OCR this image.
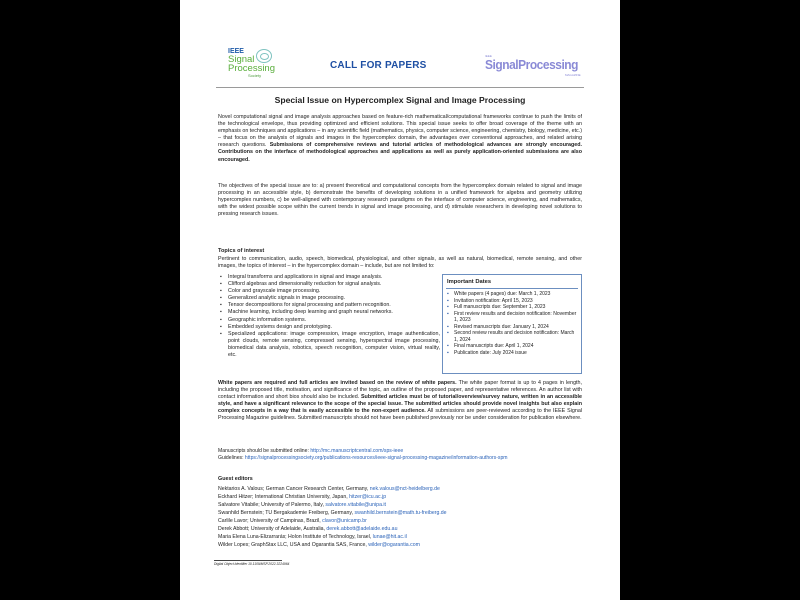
IEEE
Signal
Processing
Society
CALL FOR PAPERS
IEEE
SignalProcessing
MAGAZINE
Special Issue on Hypercomplex Signal and Image Processing
Novel computational signal and image analysis approaches based on feature-rich mathematical/computational frameworks continue to push the limits of the technological envelope, thus providing optimized and efficient solutions. This special issue seeks to offer broad coverage of the theme with an emphasis on techniques and applications – in any scientific field (mathematics, physics, computer science, engineering, chemistry, biology, medicine, etc.) – that focus on the analysis of signals and images in the hypercomplex domain, the advantages over conventional approaches, and related arising research questions. Submissions of comprehensive reviews and tutorial articles of methodological advances are strongly encouraged. Contributions on the interface of methodological approaches and applications as well as purely application-oriented submissions are also encouraged.
The objectives of the special issue are to: a) present theoretical and computational concepts from the hypercomplex domain related to signal and image processing in an accessible style, b) demonstrate the benefits of developing solutions in a unified framework for algebra and geometry utilizing hypercomplex numbers, c) be well-aligned with contemporary research paradigms on the interface of computer science, engineering, and mathematics, with the widest possible scope within the current trends in signal and image processing, and d) stimulate researchers in developing novel solutions to pressing research issues.
Topics of interest
Pertinent to communication, audio, speech, biomedical, physiological, and other signals, as well as natural, biomedical, remote sensing, and other images, the topics of interest – in the hypercomplex domain – include, but are not limited to:
▪ Integral transforms and applications in signal and image analysis.
▪ Clifford algebras and dimensionality reduction for signal analysis.
▪ Color and grayscale image processing.
▪ Generalized analytic signals in image processing.
▪ Tensor decompositions for signal processing and pattern recognition.
▪ Machine learning, including deep learning and graph neural networks.
▪ Geographic information systems.
▪ Embedded systems design and prototyping.
▪ Specialized applications: image compression, image encryption, image authentication, point clouds, remote sensing, compressed sensing, hyperspectral image processing, biomedical data analysis, robotics, speech recognition, computer vision, virtual reality, etc.
Important Dates
▪ White papers (4 pages) due: March 1, 2023
▪ Invitation notification: April 15, 2023
▪ Full manuscripts due: September 1, 2023
▪ First review results and decision notification: November 1, 2023
▪ Revised manuscripts due: January 1, 2024
▪ Second review results and decision notification: March 1, 2024
▪ Final manuscripts due: April 1, 2024
▪ Publication date: July 2024 issue
White papers are required and full articles are invited based on the review of white papers. The white paper format is up to 4 pages in length, including the proposed title, motivation, and significance of the topic, an outline of the proposed paper, and representative references. An author list with contact information and short bios should also be included. Submitted articles must be of tutorial/overview/survey nature, written in an accessible style, and have a significant relevance to the scope of the special issue. The submitted articles should provide novel insights but also explain complex concepts in a way that is easily accessible to the non-expert audience. All submissions are peer-reviewed according to the IEEE Signal Processing Magazine guidelines. Submitted manuscripts should not have been published previously nor be under consideration for publication elsewhere.
Manuscripts should be submitted online: http://mc.manuscriptcentral.com/sps-ieee
Guidelines: https://signalprocessingsociety.org/publications-resources/ieee-signal-processing-magazine/information-authors-spm
Guest editors
Nektarios A. Valous; German Cancer Research Center, Germany, nek.valous@nct-heidelberg.de
Eckhard Hitzer; International Christian University, Japan, hitzer@icu.ac.jp
Salvatore Vitabile; University of Palermo, Italy, salvatore.vitabile@unipa.it
Swanhild Bernstein; TU Bergakademie Freiberg, Germany, swanhild.bernstein@math.tu-freiberg.de
Carlile Lavor; University of Campinas, Brazil, clavor@unicamp.br
Derek Abbott; University of Adelaide, Australia, derek.abbott@adelaide.edu.au
Maria Elena Luna-Elizarrarás; Holon Institute of Technology, Israel, lunae@hit.ac.il
Wilder Lopes; GraphStax LLC, USA and Ogarantia SAS, France, wilder@ogarantia.com
Digital Object Identifier 10.1109/MSP.2022.3224964
